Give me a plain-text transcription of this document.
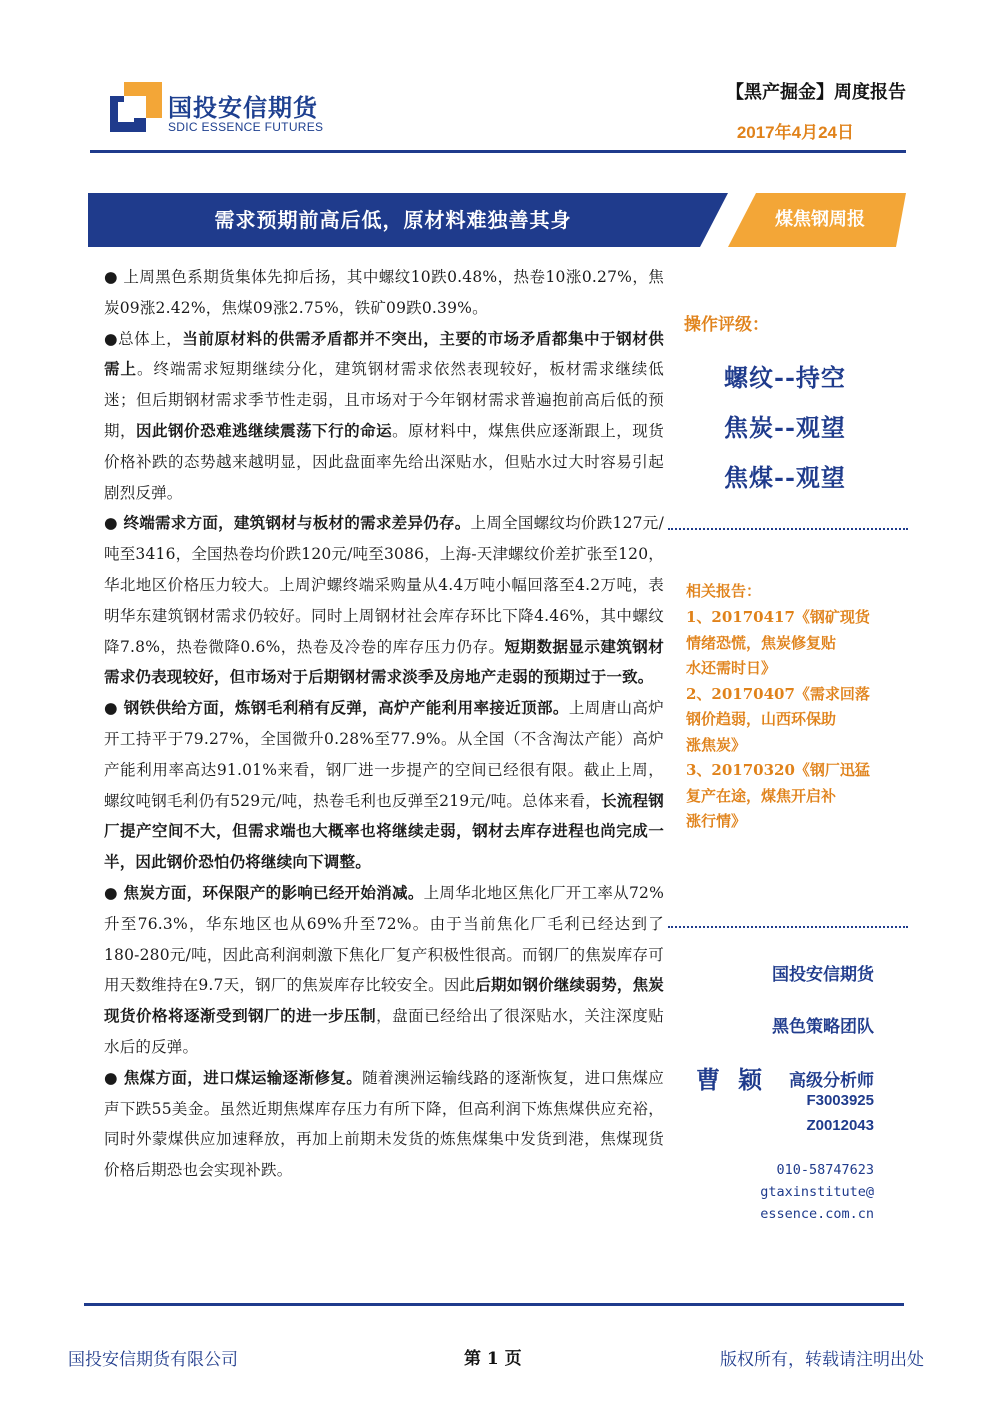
国投安信期货
SDIC ESSENCE FUTURES
【黑产掘金】周度报告
2017年4月24日
需求预期前高后低，原材料难独善其身	煤焦钢周报

● 上周黑色系期货集体先抑后扬，其中螺纹10跌0.48%，热卷10涨0.27%，焦炭09涨2.42%，焦煤09涨2.75%，铁矿09跌0.39%。

●总体上，当前原材料的供需矛盾都并不突出，主要的市场矛盾都集中于钢材供需上。终端需求短期继续分化，建筑钢材需求依然表现较好，板材需求继续低迷；但后期钢材需求季节性走弱，且市场对于今年钢材需求普遍抱前高后低的预期，因此钢价恐难逃继续震荡下行的命运。原材料中，煤焦供应逐渐跟上，现货价格补跌的态势越来越明显，因此盘面率先给出深贴水，但贴水过大时容易引起剧烈反弹。

● 终端需求方面，建筑钢材与板材的需求差异仍存。上周全国螺纹均价跌127元/吨至3416，全国热卷均价跌120元/吨至3086，上海-天津螺纹价差扩张至120，华北地区价格压力较大。上周沪螺终端采购量从4.4万吨小幅回落至4.2万吨，表明华东建筑钢材需求仍较好。同时上周钢材社会库存环比下降4.46%，其中螺纹降7.8%，热卷微降0.6%，热卷及冷卷的库存压力仍存。短期数据显示建筑钢材需求仍表现较好，但市场对于后期钢材需求淡季及房地产走弱的预期过于一致。

● 钢铁供给方面，炼钢毛利稍有反弹，高炉产能利用率接近顶部。上周唐山高炉开工持平于79.27%，全国微升0.28%至77.9%。从全国（不含淘汰产能）高炉产能利用率高达91.01%来看，钢厂进一步提产的空间已经很有限。截止上周，螺纹吨钢毛利仍有529元/吨，热卷毛利也反弹至219元/吨。总体来看，长流程钢厂提产空间不大，但需求端也大概率也将继续走弱，钢材去库存进程也尚完成一半，因此钢价恐怕仍将继续向下调整。

● 焦炭方面，环保限产的影响已经开始消减。上周华北地区焦化厂开工率从72%升至76.3%，华东地区也从69%升至72%。由于当前焦化厂毛利已经达到了180-280元/吨，因此高利润刺激下焦化厂复产积极性很高。而钢厂的焦炭库存可用天数维持在9.7天，钢厂的焦炭库存比较安全。因此后期如钢价继续弱势，焦炭现货价格将逐渐受到钢厂的进一步压制，盘面已经给出了很深贴水，关注深度贴水后的反弹。

● 焦煤方面，进口煤运输逐渐修复。随着澳洲运输线路的逐渐恢复，进口焦煤应声下跌55美金。虽然近期焦煤库存压力有所下降，但高利润下炼焦煤供应充裕，同时外蒙煤供应加速释放，再加上前期未发货的炼焦煤集中发货到港，焦煤现货价格后期恐也会实现补跌。

操作评级：
螺纹--持空
焦炭--观望
焦煤--观望
相关报告：
1、20170417《钢矿现货
情绪恐慌，焦炭修复贴
水还需时日》
2、20170407《需求回落
钢价趋弱，山西环保助
涨焦炭》
3、20170320《钢厂迅猛
复产在途，煤焦开启补
涨行情》
国投安信期货
黑色策略团队
曹颖 高级分析师
F3003925
Z0012043
010-58747623
gtaxinstitute@
essence.com.cn
国投安信期货有限公司	第 1 页	版权所有，转载请注明出处
